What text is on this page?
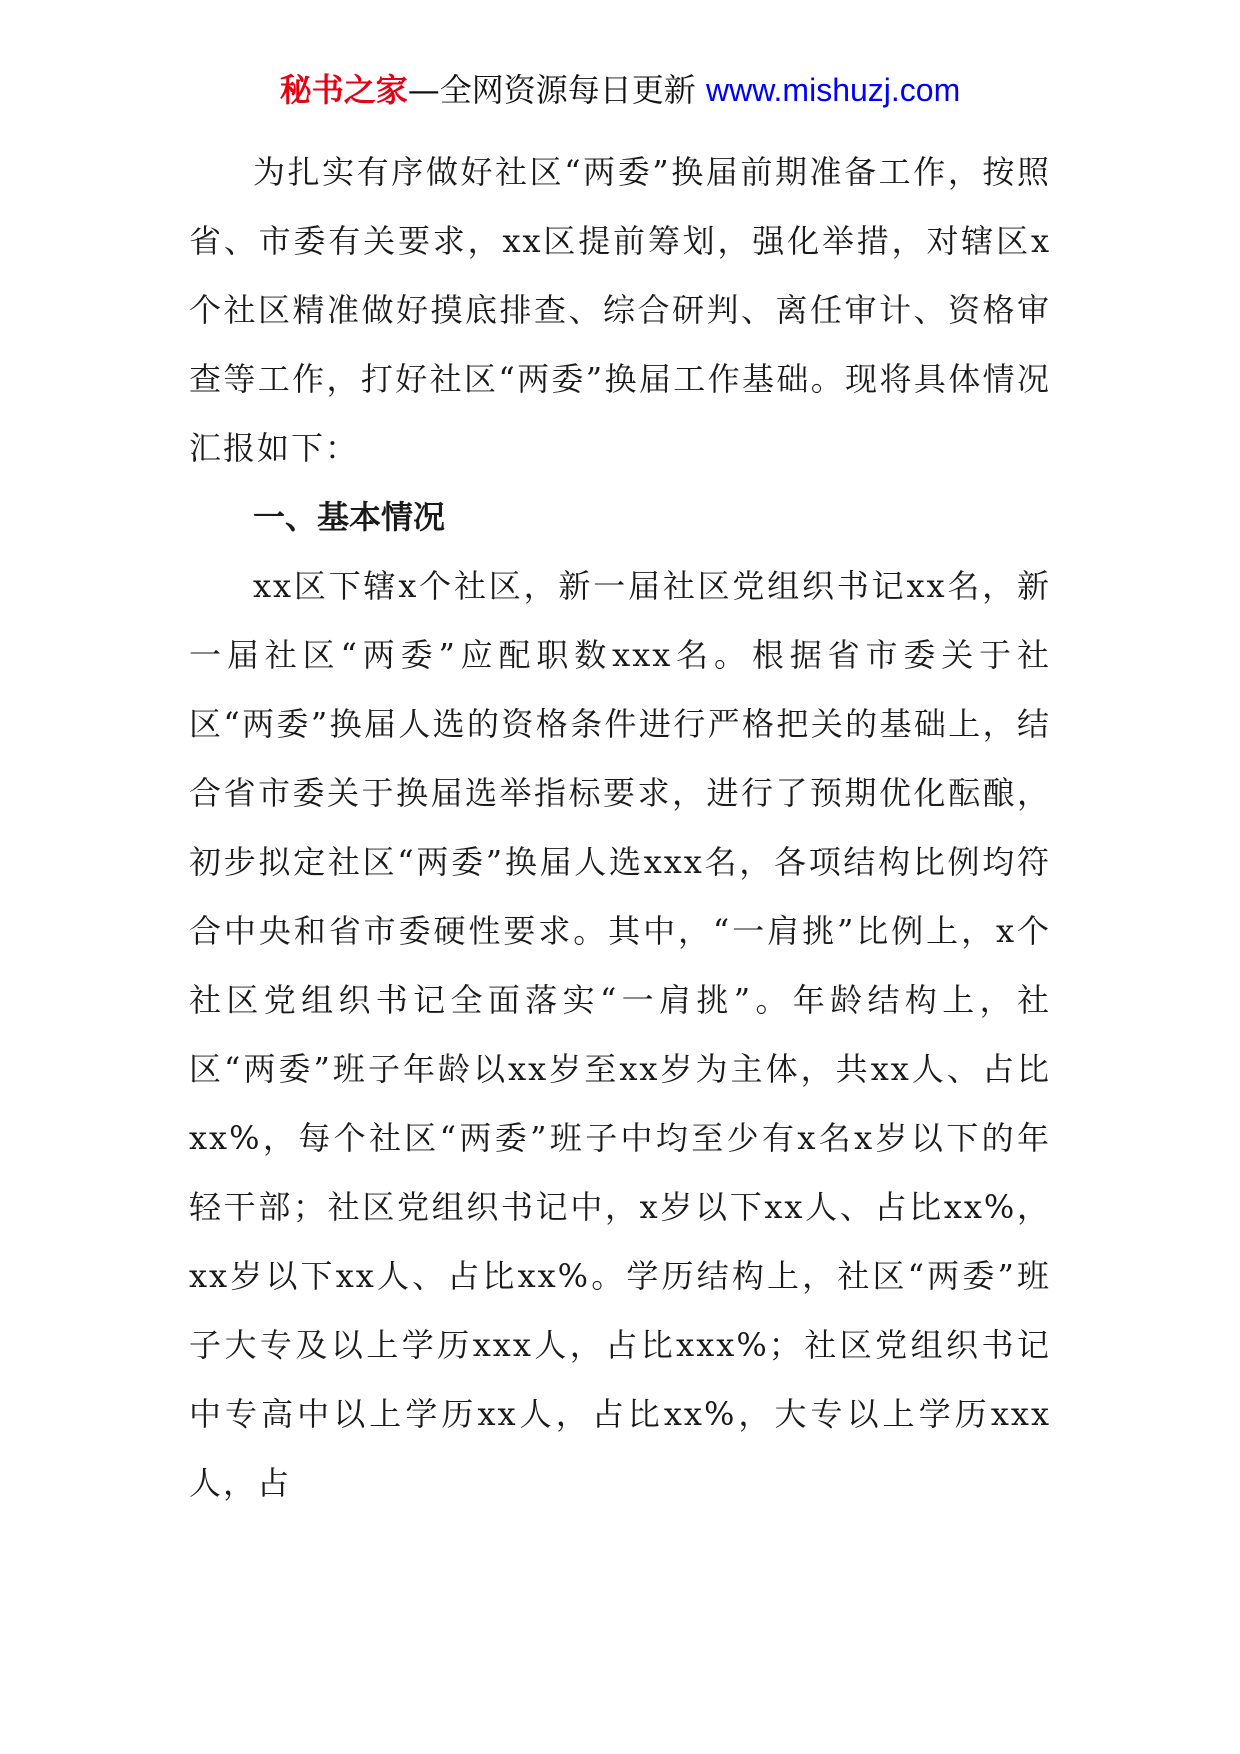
秘书之家—全网资源每日更新 www.mishuzj.com

为扎实有序做好社区“两委”换届前期准备工作，按照省、市委有关要求，xx区提前筹划，强化举措，对辖区x个社区精准做好摸底排查、综合研判、离任审计、资格审查等工作，打好社区“两委”换届工作基础。现将具体情况汇报如下：

一、基本情况

xx区下辖x个社区，新一届社区党组织书记xx名，新一届社区“两委”应配职数xxx名。根据省市委关于社区“两委”换届人选的资格条件进行严格把关的基础上，结合省市委关于换届选举指标要求，进行了预期优化酝酿，初步拟定社区“两委”换届人选xxx名，各项结构比例均符合中央和省市委硬性要求。其中，“一肩挑”比例上，x个社区党组织书记全面落实“一肩挑”。年龄结构上，社区“两委”班子年龄以xx岁至xx岁为主体，共xx人、占比xx%，每个社区“两委”班子中均至少有x名x岁以下的年轻干部；社区党组织书记中，x岁以下xx人、占比xx%，xx岁以下xx人、占比xx%。学历结构上，社区“两委”班子大专及以上学历xxx人，占比xxx%；社区党组织书记中专高中以上学历xx人，占比xx%，大专以上学历xxx人，占
